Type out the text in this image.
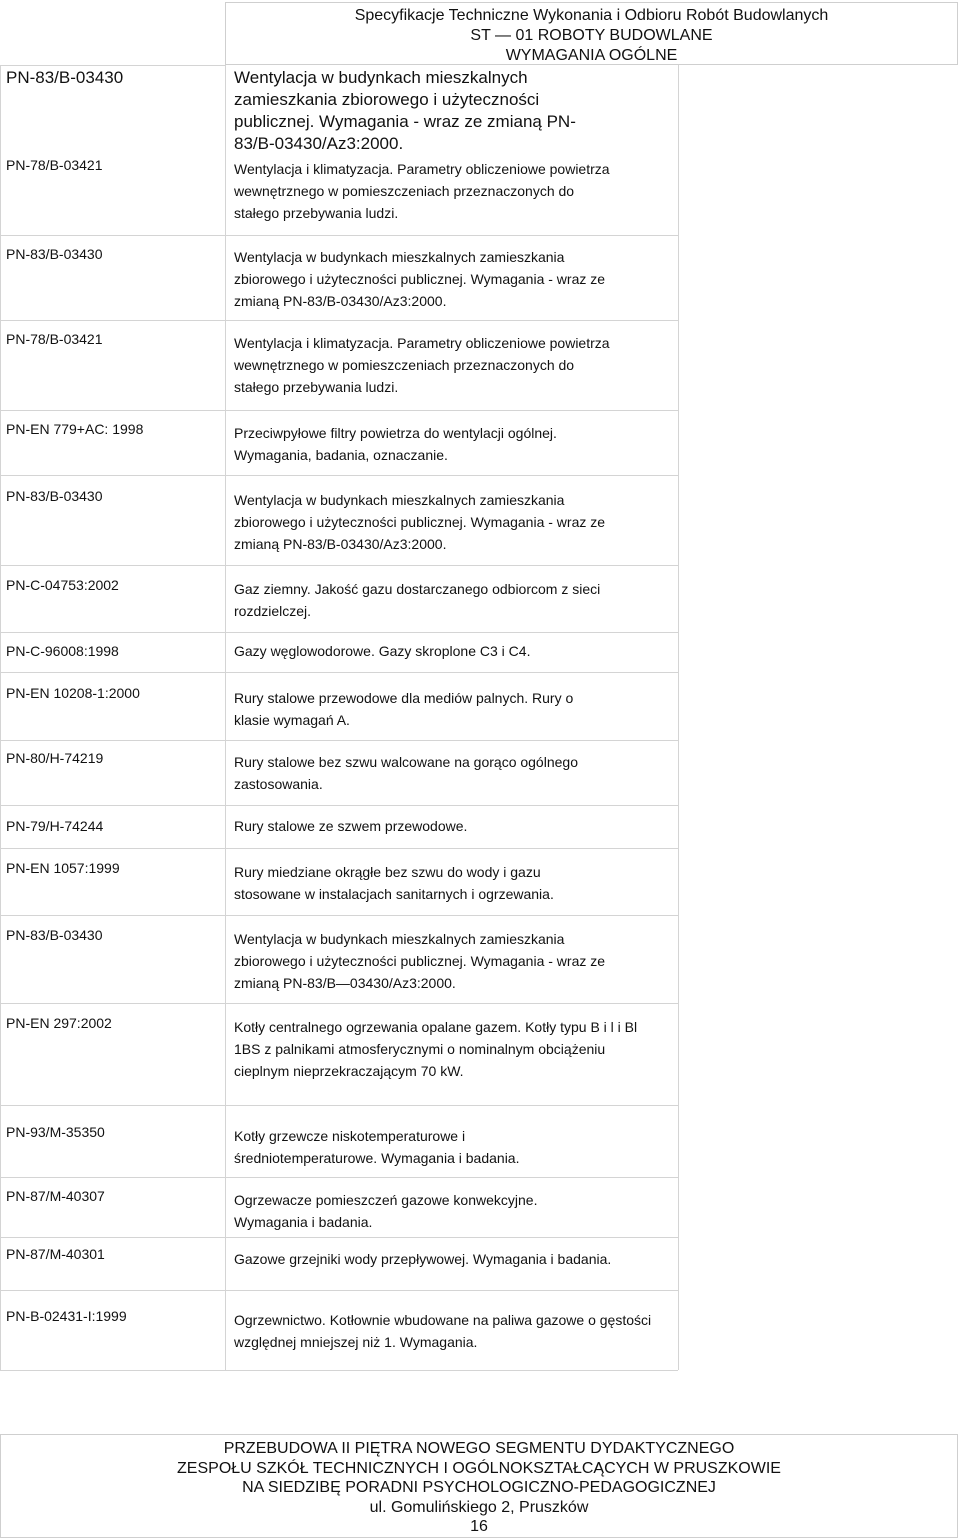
Specyfikacje Techniczne Wykonania i Odbioru Robót Budowlanych
ST — 01 ROBOTY BUDOWLANE
WYMAGANIA OGÓLNE
PN-83/B-03430	Wentylacja w budynkach mieszkalnych
zamieszkania zbiorowego i użyteczności
publicznej. Wymagania - wraz ze zmianą PN-
83/B-03430/Az3:2000.
PN-78/B-03421	Wentylacja i klimatyzacja. Parametry obliczeniowe powietrza
wewnętrznego w pomieszczeniach przeznaczonych do
stałego przebywania ludzi.
PN-83/B-03430	Wentylacja w budynkach mieszkalnych zamieszkania
zbiorowego i użyteczności publicznej. Wymagania - wraz ze
zmianą PN-83/B-03430/Az3:2000.
PN-78/B-03421	Wentylacja i klimatyzacja. Parametry obliczeniowe powietrza
wewnętrznego w pomieszczeniach przeznaczonych do
stałego przebywania ludzi.
PN-EN 779+AC: 1998	Przeciwpyłowe filtry powietrza do wentylacji ogólnej.
Wymagania, badania, oznaczanie.
PN-83/B-03430	Wentylacja w budynkach mieszkalnych zamieszkania
zbiorowego i użyteczności publicznej. Wymagania - wraz ze
zmianą PN-83/B-03430/Az3:2000.
PN-C-04753:2002	Gaz ziemny. Jakość gazu dostarczanego odbiorcom z sieci
rozdzielczej.
PN-C-96008:1998	Gazy węglowodorowe. Gazy skroplone C3 i C4.
PN-EN 10208-1:2000	Rury stalowe przewodowe dla mediów palnych. Rury o
klasie wymagań A.
PN-80/H-74219	Rury stalowe bez szwu walcowane na gorąco ogólnego
zastosowania.
PN-79/H-74244	Rury stalowe ze szwem przewodowe.
PN-EN 1057:1999	Rury miedziane okrągłe bez szwu do wody i gazu
stosowane w instalacjach sanitarnych i ogrzewania.
PN-83/B-03430	Wentylacja w budynkach mieszkalnych zamieszkania
zbiorowego i użyteczności publicznej. Wymagania - wraz ze
zmianą PN-83/B—03430/Az3:2000.
PN-EN 297:2002	Kotły centralnego ogrzewania opalane gazem. Kotły typu B i l i Bl
1BS z palnikami atmosferycznymi o nominalnym obciążeniu
cieplnym nieprzekraczającym 70 kW.
PN-93/M-35350	Kotły grzewcze niskotemperaturowe i
średniotemperaturowe. Wymagania i badania.
PN-87/M-40307	Ogrzewacze pomieszczeń gazowe konwekcyjne.
Wymagania i badania.
PN-87/M-40301	Gazowe grzejniki wody przepływowej. Wymagania i badania.
PN-B-02431-I:1999	Ogrzewnictwo. Kotłownie wbudowane na paliwa gazowe o gęstości
względnej mniejszej niż 1. Wymagania.
PRZEBUDOWA II PIĘTRA NOWEGO SEGMENTU DYDAKTYCZNEGO
ZESPOŁU SZKÓŁ TECHNICZNYCH I OGÓLNOKSZTAŁCĄCYCH W PRUSZKOWIE
NA SIEDZIBĘ PORADNI PSYCHOLOGICZNO-PEDAGOGICZNEJ
ul. Gomulińskiego 2, Pruszków
16
